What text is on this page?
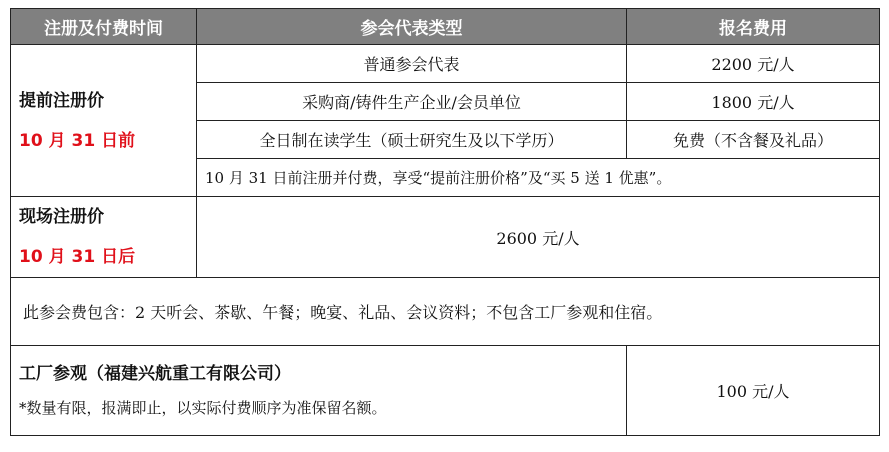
注册及付费时间	参会代表类型	报名费用

提前注册价
10 月 31 日前	普通参会代表	2200 元/人
	采购商/铸件生产企业/会员单位	1800 元/人
	全日制在读学生（硕士研究生及以下学历）	免费（不含餐及礼品）
	10 月 31 日前注册并付费，享受“提前注册价格”及“买 5 送 1 优惠”。	

现场注册价
10 月 31 日后	2600 元/人	
此参会费包含：2 天听会、茶歇、午餐；晚宴、礼品、会议资料；不包含工厂参观和住宿。		

工厂参观（福建兴航重工有限公司）
*数量有限，报满即止，以实际付费顺序为准保留名额。		100 元/人
